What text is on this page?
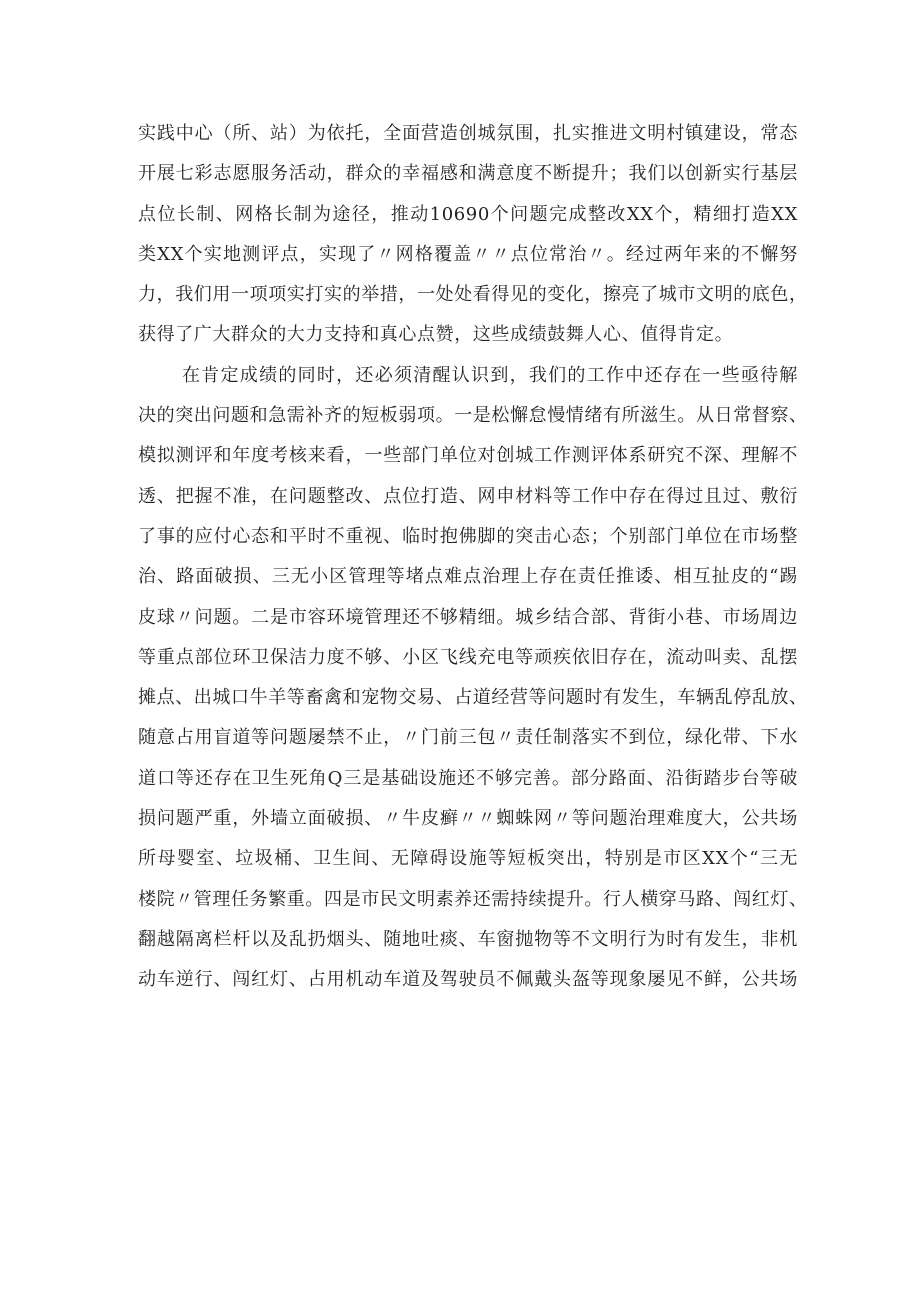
实践中心（所、站）为依托，全面营造创城氛围，扎实推进文明村镇建设，常态
开展七彩志愿服务活动，群众的幸福感和满意度不断提升；我们以创新实行基层
点位长制、网格长制为途径，推动10690个问题完成整改XX个，精细打造XX
类XX个实地测评点，实现了〃网格覆盖〃〃点位常治〃。经过两年来的不懈努
力，我们用一项项实打实的举措，一处处看得见的变化，擦亮了城市文明的底色，
获得了广大群众的大力支持和真心点赞，这些成绩鼓舞人心、值得肯定。
在肯定成绩的同时，还必须清醒认识到，我们的工作中还存在一些亟待解
决的突出问题和急需补齐的短板弱项。一是松懈怠慢情绪有所滋生。从日常督察、
模拟测评和年度考核来看，一些部门单位对创城工作测评体系研究不深、理解不
透、把握不准，在问题整改、点位打造、网申材料等工作中存在得过且过、敷衍
了事的应付心态和平时不重视、临时抱佛脚的突击心态；个别部门单位在市场整
治、路面破损、三无小区管理等堵点难点治理上存在责任推诿、相互扯皮的“踢
皮球〃问题。二是市容环境管理还不够精细。城乡结合部、背街小巷、市场周边
等重点部位环卫保洁力度不够、小区飞线充电等顽疾依旧存在，流动叫卖、乱摆
摊点、出城口牛羊等畜禽和宠物交易、占道经营等问题时有发生，车辆乱停乱放、
随意占用盲道等问题屡禁不止，〃门前三包〃责任制落实不到位，绿化带、下水
道口等还存在卫生死角Q三是基础设施还不够完善。部分路面、沿街踏步台等破
损问题严重，外墙立面破损、〃牛皮癣〃〃蜘蛛网〃等问题治理难度大，公共场
所母婴室、垃圾桶、卫生间、无障碍设施等短板突出，特别是市区XX个“三无
楼院〃管理任务繁重。四是市民文明素养还需持续提升。行人横穿马路、闯红灯、
翻越隔离栏杆以及乱扔烟头、随地吐痰、车窗抛物等不文明行为时有发生，非机
动车逆行、闯红灯、占用机动车道及驾驶员不佩戴头盔等现象屡见不鲜，公共场
